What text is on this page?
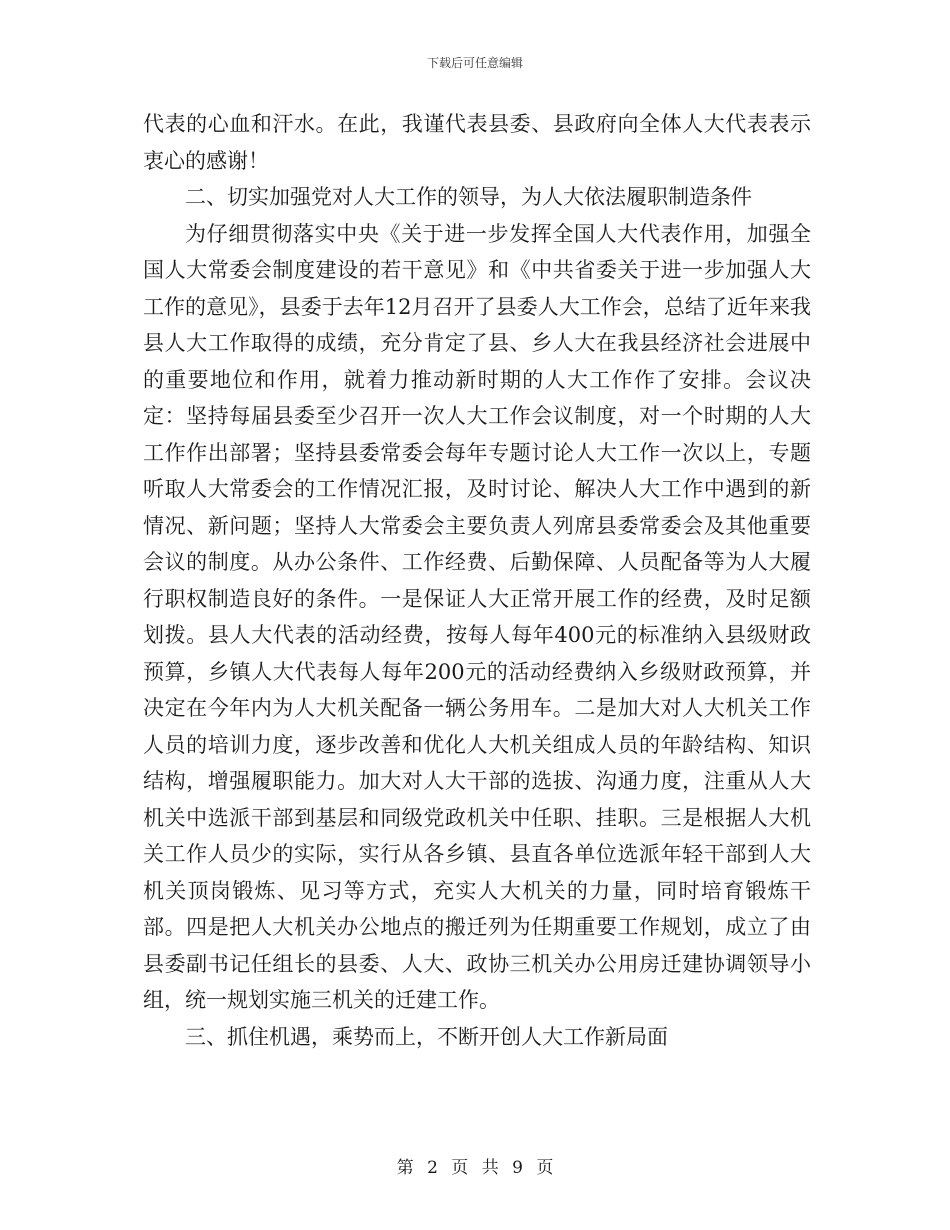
下载后可任意编辑

代表的心血和汗水。在此，我谨代表县委、县政府向全体人大代表表示衷心的感谢！

二、切实加强党对人大工作的领导，为人大依法履职制造条件

为仔细贯彻落实中央《关于进一步发挥全国人大代表作用，加强全国人大常委会制度建设的若干意见》和《中共省委关于进一步加强人大工作的意见》，县委于去年12月召开了县委人大工作会，总结了近年来我县人大工作取得的成绩，充分肯定了县、乡人大在我县经济社会进展中的重要地位和作用，就着力推动新时期的人大工作作了安排。会议决定：坚持每届县委至少召开一次人大工作会议制度，对一个时期的人大工作作出部署；坚持县委常委会每年专题讨论人大工作一次以上，专题听取人大常委会的工作情况汇报，及时讨论、解决人大工作中遇到的新情况、新问题；坚持人大常委会主要负责人列席县委常委会及其他重要会议的制度。从办公条件、工作经费、后勤保障、人员配备等为人大履行职权制造良好的条件。一是保证人大正常开展工作的经费，及时足额划拨。县人大代表的活动经费，按每人每年400元的标准纳入县级财政预算，乡镇人大代表每人每年200元的活动经费纳入乡级财政预算，并决定在今年内为人大机关配备一辆公务用车。二是加大对人大机关工作人员的培训力度，逐步改善和优化人大机关组成人员的年龄结构、知识结构，增强履职能力。加大对人大干部的选拔、沟通力度，注重从人大机关中选派干部到基层和同级党政机关中任职、挂职。三是根据人大机关工作人员少的实际，实行从各乡镇、县直各单位选派年轻干部到人大机关顶岗锻炼、见习等方式，充实人大机关的力量，同时培育锻炼干部。四是把人大机关办公地点的搬迁列为任期重要工作规划，成立了由县委副书记任组长的县委、人大、政协三机关办公用房迁建协调领导小组，统一规划实施三机关的迁建工作。

三、抓住机遇，乘势而上，不断开创人大工作新局面

第 2 页 共 9 页
